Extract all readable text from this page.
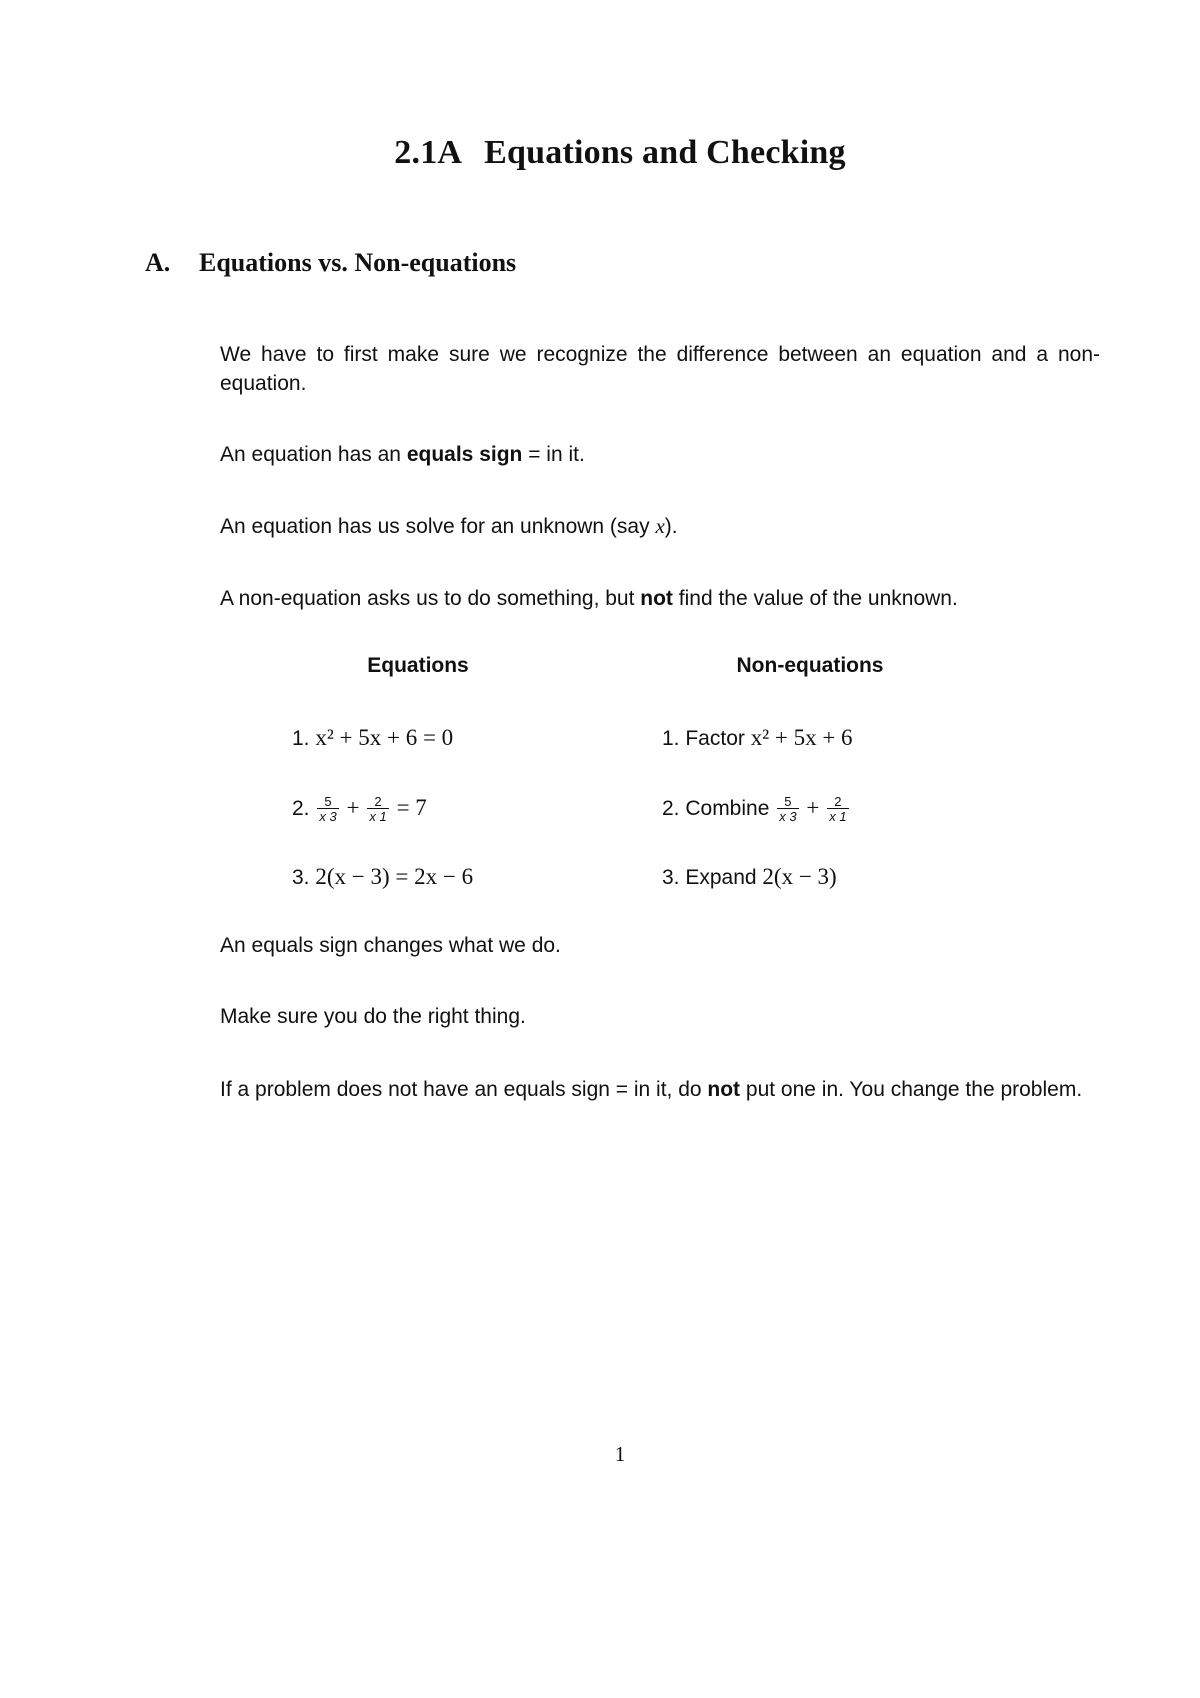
2.1A Equations and Checking
A. Equations vs. Non-equations
We have to first make sure we recognize the difference between an equation and a non-equation.
An equation has an equals sign = in it.
An equation has us solve for an unknown (say x).
A non-equation asks us to do something, but not find the value of the unknown.
Equations	Non-equations
1. x² + 5x + 6 = 0
2. $\frac{5}{x 3} + \frac{2}{x 1} = 7$
3. 2(x − 3) = 2x − 6
1. Factor x² + 5x + 6
2. Combine $\frac{5}{x 3} + \frac{2}{x 1}$
3. Expand 2(x − 3)
An equals sign changes what we do.
Make sure you do the right thing.
If a problem does not have an equals sign = in it, do not put one in. You change the problem.
1
